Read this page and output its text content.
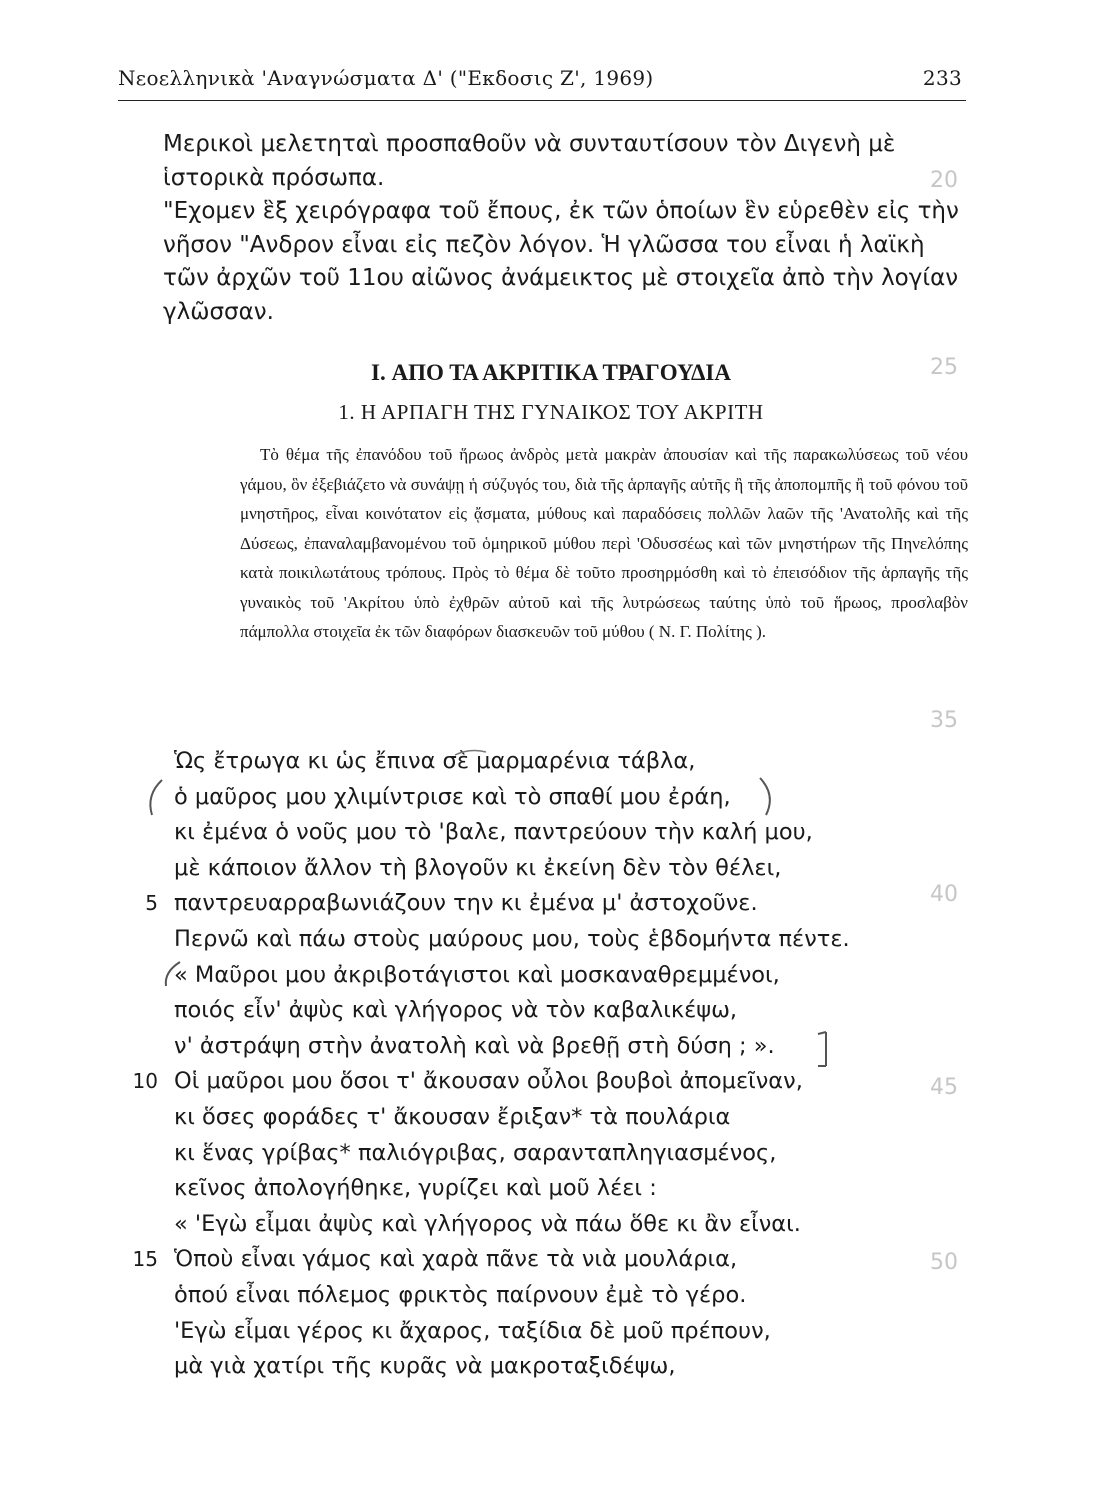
20
25
35
40
45
50
Νεοελληνικὰ 'Αναγνώσματα Δ' ("Εκδοσις Ζ', 1969)	233

Μερικοὶ μελετηταὶ προσπαθοῦν νὰ συνταυτίσουν τὸν Διγενὴ μὲ ἱστορικὰ πρόσωπα.

"Εχομεν ἓξ χειρόγραφα τοῦ ἔπους, ἐκ τῶν ὁποίων ἓν εὑρεθὲν εἰς τὴν νῆσον "Ανδρον εἶναι εἰς πεζὸν λόγον. Ἡ γλῶσσα του εἶναι ἡ λαϊκὴ τῶν ἀρχῶν τοῦ 11ου αἰῶνος ἀνάμεικτος μὲ στοιχεῖα ἀπὸ τὴν λογίαν γλῶσσαν.

I. ΑΠΟ ΤΑ ΑΚΡΙΤΙΚΑ ΤΡΑΓΟΥΔΙΑ
1. Η ΑΡΠΑΓΗ ΤΗΣ ΓΥΝΑΙΚΟΣ ΤΟΥ ΑΚΡΙΤΗ

Τὸ θέμα τῆς ἐπανόδου τοῦ ἥρωος ἀνδρὸς μετὰ μακρὰν ἀπουσίαν καὶ τῆς παρακωλύσεως τοῦ νέου γάμου, ὃν ἐξεβιάζετο νὰ συνάψῃ ἡ σύζυγός του, διὰ τῆς ἁρπαγῆς αὐτῆς ἢ τῆς ἀποπομπῆς ἢ τοῦ φόνου τοῦ μνηστῆρος, εἶναι κοινότατον εἰς ᾄσματα, μύθους καὶ παραδόσεις πολλῶν λαῶν τῆς 'Ανατολῆς καὶ τῆς Δύσεως, ἐπαναλαμβανομένου τοῦ ὁμηρικοῦ μύθου περὶ 'Οδυσσέως καὶ τῶν μνηστήρων τῆς Πηνελόπης κατὰ ποικιλωτάτους τρόπους. Πρὸς τὸ θέμα δὲ τοῦτο προσηρμόσθη καὶ τὸ ἐπεισόδιον τῆς ἁρπαγῆς τῆς γυναικὸς τοῦ 'Ακρίτου ὑπὸ ἐχθρῶν αὐτοῦ καὶ τῆς λυτρώσεως ταύτης ὑπὸ τοῦ ἥρωος, προσλαβὸν πάμπολλα στοιχεῖα ἐκ τῶν διαφόρων διασκευῶν τοῦ μύθου ( Ν. Γ. Πολίτης ).

Ὡς ἔτρωγα κι ὡς ἔπινα σὲ μαρμαρένια τάβλα,
ὁ μαῦρος μου χλιμίντρισε καὶ τὸ σπαθί μου ἐράη,
κι ἐμένα ὁ νοῦς μου τὸ 'βαλε, παντρεύουν τὴν καλή μου,
μὲ κάποιον ἄλλον τὴ βλογοῦν κι ἐκείνη δὲν τὸν θέλει,
5 παντρευαρραβωνιάζουν την κι ἐμένα μ' ἀστοχοῦνε.
Περνῶ καὶ πάω στοὺς μαύρους μου, τοὺς ἑβδομήντα πέντε.
« Μαῦροι μου ἀκριβοτάγιστοι καὶ μοσκαναθρεμμένοι,
ποιός εἶν' ἀψὺς καὶ γλήγορος νὰ τὸν καβαλικέψω,
ν' ἀστράψη στὴν ἀνατολὴ καὶ νὰ βρεθῇ στὴ δύση ; ».
10 Οἱ μαῦροι μου ὅσοι τ' ἄκουσαν οὖλοι βουβοὶ ἀπομεῖναν,
κι ὅσες φοράδες τ' ἄκουσαν ἔριξαν* τὰ πουλάρια
κι ἕνας γρίβας* παλιόγριβας, σαρανταπληγιασμένος,
κεῖνος ἀπολογήθηκε, γυρίζει καὶ μοῦ λέει :
« 'Εγὼ εἶμαι ἀψὺς καὶ γλήγορος νὰ πάω ὅθε κι ἂν εἶναι.
15 Ὁποὺ εἶναι γάμος καὶ χαρὰ πᾶνε τὰ νιὰ μουλάρια,
ὁπού εἶναι πόλεμος φρικτὸς παίρνουν ἐμὲ τὸ γέρο.
'Εγὼ εἶμαι γέρος κι ἄχαρος, ταξίδια δὲ μοῦ πρέπουν,
μὰ γιὰ χατίρι τῆς κυρᾶς νὰ μακροταξιδέψω,
